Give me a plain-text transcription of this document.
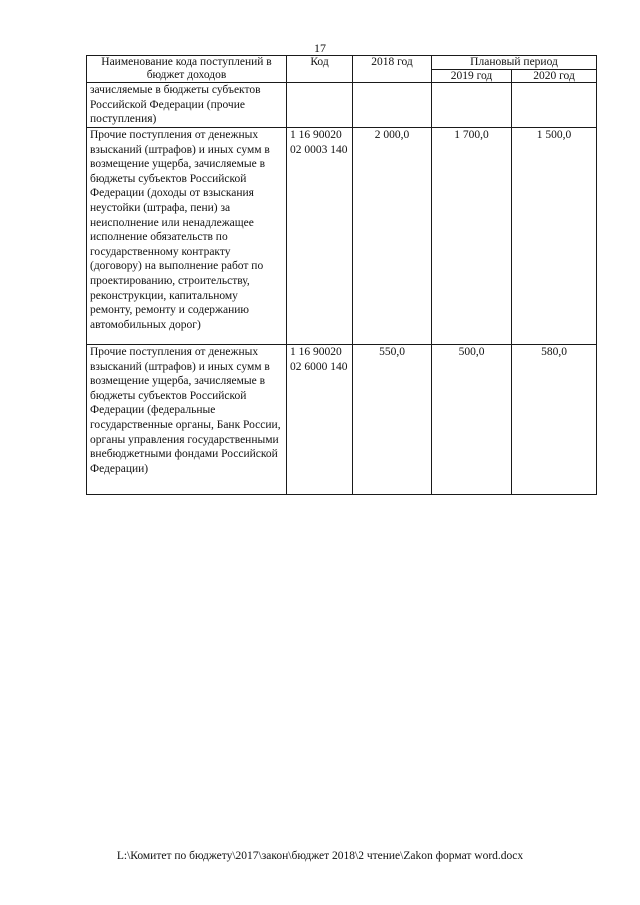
17
Наименование кода поступлений в бюджет доходов	Код	2018 год	Плановый период	
			2019 год	2020 год
зачисляемые в бюджеты субъектов Российской Федерации (прочие поступления)				
Прочие поступления от денежных взысканий (штрафов) и иных сумм в возмещение ущерба, зачисляемые в бюджеты субъектов Российской Федерации (доходы от взыскания неустойки (штрафа, пени) за неисполнение или ненадлежащее исполнение обязательств по государственному контракту (договору) на выполнение работ по проектированию, строительству, реконструкции, капитальному ремонту, ремонту и содержанию автомобильных дорог)	1 16 90020 02 0003 140	2 000,0	1 700,0	1 500,0
Прочие поступления от денежных взысканий (штрафов) и иных сумм в возмещение ущерба, зачисляемые в бюджеты субъектов Российской Федерации (федеральные государственные органы, Банк России, органы управления государственными внебюджетными фондами Российской Федерации)	1 16 90020 02 6000 140	550,0	500,0	580,0
L:\Комитет по бюджету\2017\закон\бюджет 2018\2 чтение\Zakon формат word.docx
